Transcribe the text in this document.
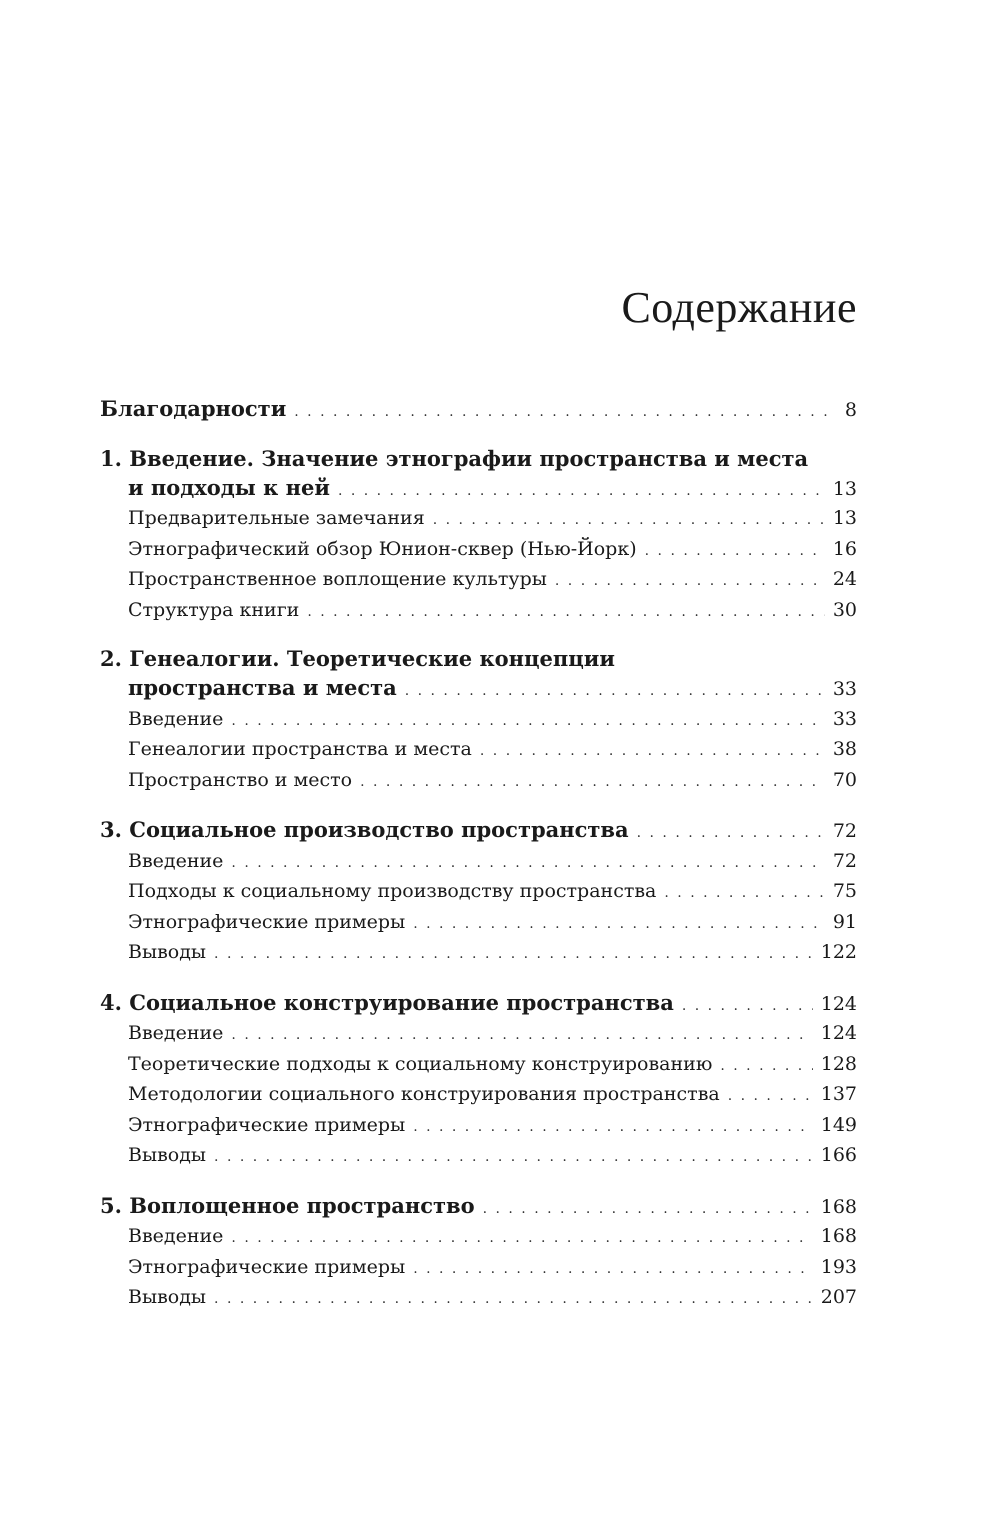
Содержание
Благодарности . . .	8
1. Введение. Значение этнографии пространства и места
и подходы к ней . . .	13
Предварительные замечания . . .	13
Этнографический обзор Юнион-сквер (Нью-Йорк) . . .	16
Пространственное воплощение культуры . . .	24
Структура книги . . .	30
2. Генеалогии. Теоретические концепции
пространства и места . . .	33
Введение . . .	33
Генеалогии пространства и места . . .	38
Пространство и место . . .	70
3. Социальное производство пространства . . .	72
Введение . . .	72
Подходы к социальному производству пространства . . .	75
Этнографические примеры . . .	91
Выводы . . .	122
4. Социальное конструирование пространства . . .	124
Введение . . .	124
Теоретические подходы к социальному конструированию . . .	128
Методологии социального конструирования пространства . . .	137
Этнографические примеры . . .	149
Выводы . . .	166
5. Воплощенное пространство . . .	168
Введение . . .	168
Этнографические примеры . . .	193
Выводы . . .	207
